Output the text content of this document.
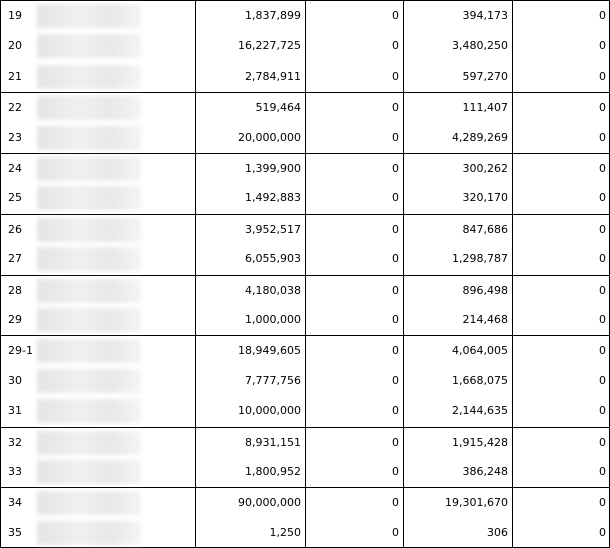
19	1,837,899	0	394,173	0
20	16,227,725	0	3,480,250	0
21	2,784,911	0	597,270	0
22	519,464	0	111,407	0
23	20,000,000	0	4,289,269	0
24	1,399,900	0	300,262	0
25	1,492,883	0	320,170	0
26	3,952,517	0	847,686	0
27	6,055,903	0	1,298,787	0
28	4,180,038	0	896,498	0
29	1,000,000	0	214,468	0
29-1	18,949,605	0	4,064,005	0
30	7,777,756	0	1,668,075	0
31	10,000,000	0	2,144,635	0
32	8,931,151	0	1,915,428	0
33	1,800,952	0	386,248	0
34	90,000,000	0	19,301,670	0
35	1,250	0	306	0
